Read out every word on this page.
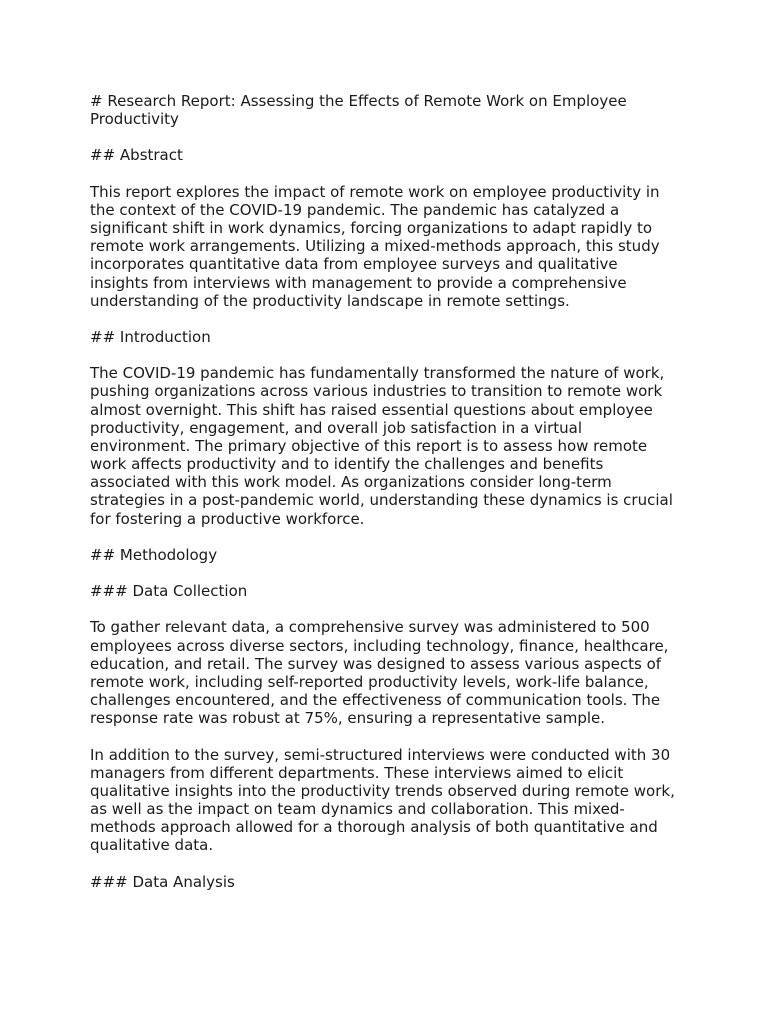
# Research Report: Assessing the Effects of Remote Work on Employee
Productivity
## Abstract
This report explores the impact of remote work on employee productivity in
the context of the COVID-19 pandemic. The pandemic has catalyzed a
significant shift in work dynamics, forcing organizations to adapt rapidly to
remote work arrangements. Utilizing a mixed-methods approach, this study
incorporates quantitative data from employee surveys and qualitative
insights from interviews with management to provide a comprehensive
understanding of the productivity landscape in remote settings.
## Introduction
The COVID-19 pandemic has fundamentally transformed the nature of work,
pushing organizations across various industries to transition to remote work
almost overnight. This shift has raised essential questions about employee
productivity, engagement, and overall job satisfaction in a virtual
environment. The primary objective of this report is to assess how remote
work affects productivity and to identify the challenges and benefits
associated with this work model. As organizations consider long-term
strategies in a post-pandemic world, understanding these dynamics is crucial
for fostering a productive workforce.
## Methodology
### Data Collection
To gather relevant data, a comprehensive survey was administered to 500
employees across diverse sectors, including technology, finance, healthcare,
education, and retail. The survey was designed to assess various aspects of
remote work, including self-reported productivity levels, work-life balance,
challenges encountered, and the effectiveness of communication tools. The
response rate was robust at 75%, ensuring a representative sample.
In addition to the survey, semi-structured interviews were conducted with 30
managers from different departments. These interviews aimed to elicit
qualitative insights into the productivity trends observed during remote work,
as well as the impact on team dynamics and collaboration. This mixed-
methods approach allowed for a thorough analysis of both quantitative and
qualitative data.
### Data Analysis
